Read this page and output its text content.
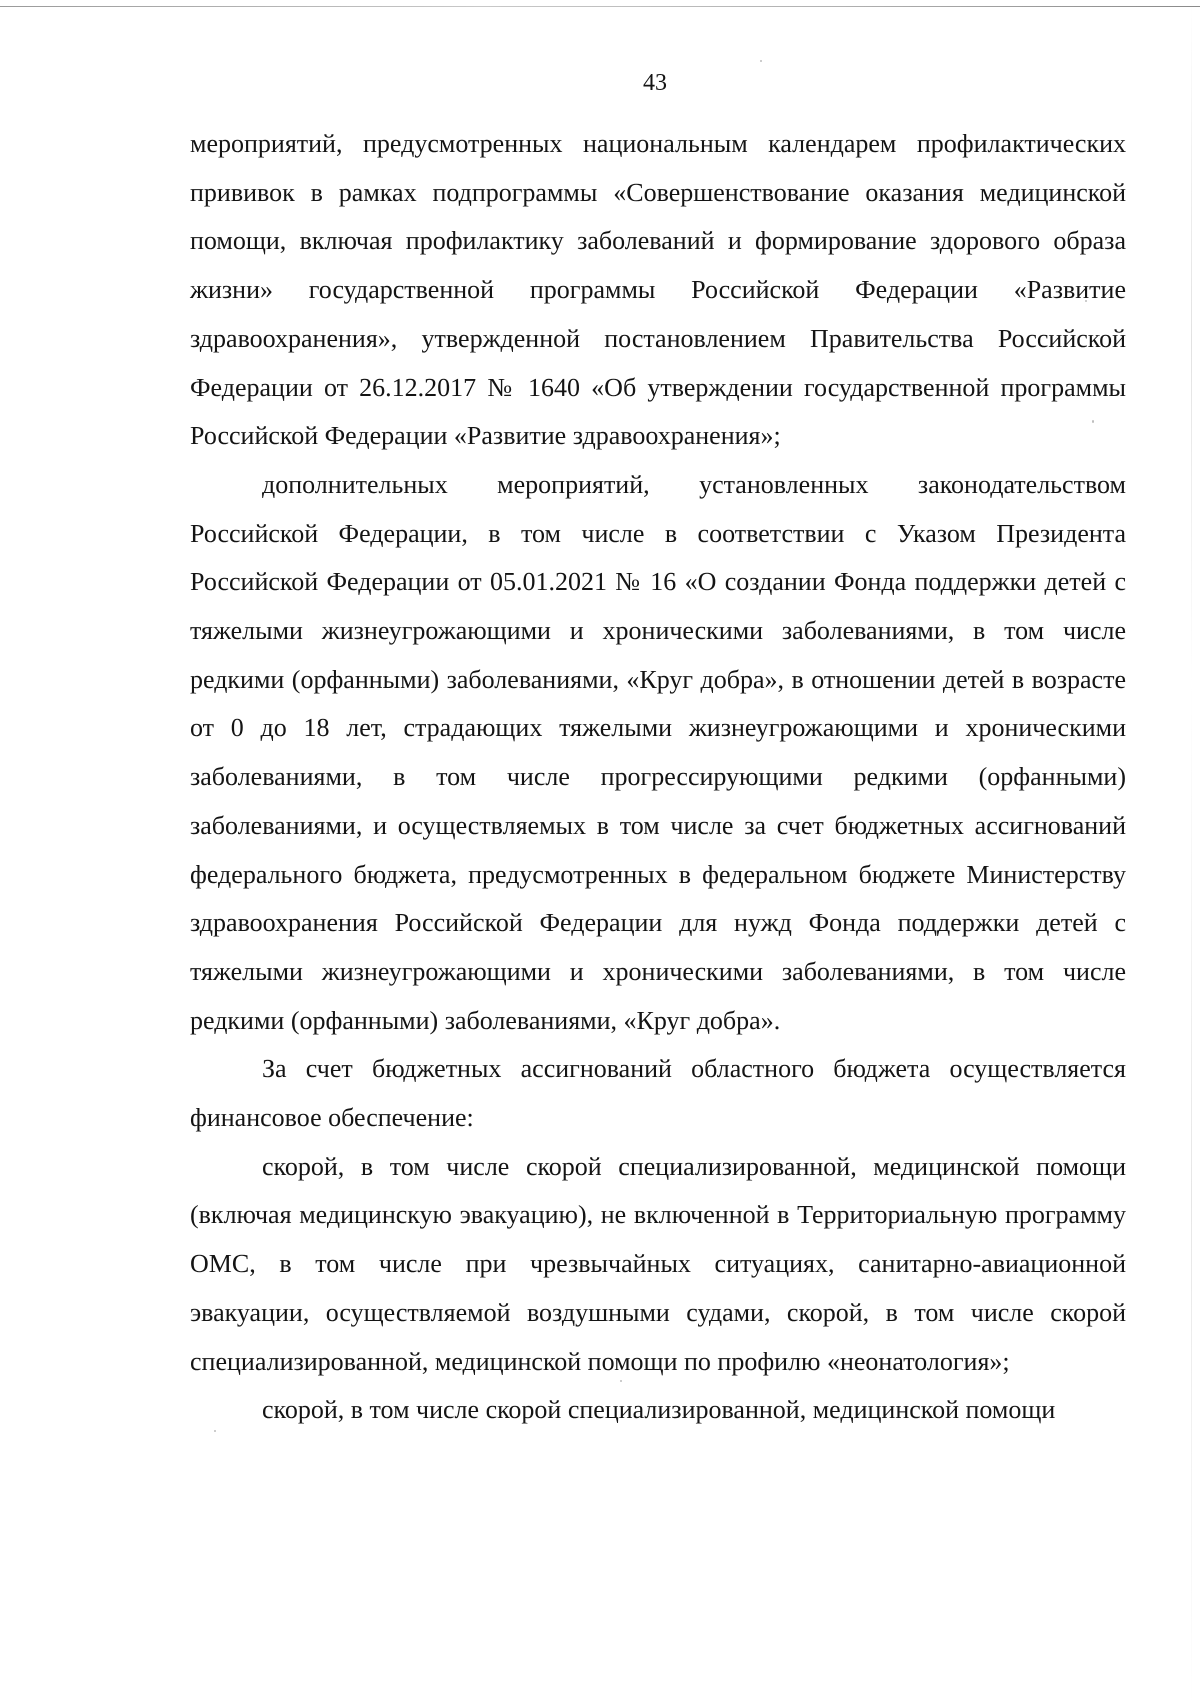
43

мероприятий, предусмотренных национальным календарем профилактических прививок в рамках подпрограммы «Совершенствование оказания медицинской помощи, включая профилактику заболеваний и формирование здорового образа жизни» государственной программы Российской Федерации «Развитие здравоохранения», утвержденной постановлением Правительства Российской Федерации от 26.12.2017 № 1640 «Об утверждении государственной программы Российской Федерации «Развитие здравоохранения»;

дополнительных мероприятий, установленных законодательством Российской Федерации, в том числе в соответствии с Указом Президента Российской Федерации от 05.01.2021 № 16 «О создании Фонда поддержки детей с тяжелыми жизнеугрожающими и хроническими заболеваниями, в том числе редкими (орфанными) заболеваниями, «Круг добра», в отношении детей в возрасте от 0 до 18 лет, страдающих тяжелыми жизнеугрожающими и хроническими заболеваниями, в том числе прогрессирующими редкими (орфанными) заболеваниями, и осуществляемых в том числе за счет бюджетных ассигнований федерального бюджета, предусмотренных в федеральном бюджете Министерству здравоохранения Российской Федерации для нужд Фонда поддержки детей с тяжелыми жизнеугрожающими и хроническими заболеваниями, в том числе редкими (орфанными) заболеваниями, «Круг добра».

За счет бюджетных ассигнований областного бюджета осуществляется финансовое обеспечение:

скорой, в том числе скорой специализированной, медицинской помощи (включая медицинскую эвакуацию), не включенной в Территориальную программу ОМС, в том числе при чрезвычайных ситуациях, санитарно-авиационной эвакуации, осуществляемой воздушными судами, скорой, в том числе скорой специализированной, медицинской помощи по профилю «неонатология»;

скорой, в том числе скорой специализированной, медицинской помощи
